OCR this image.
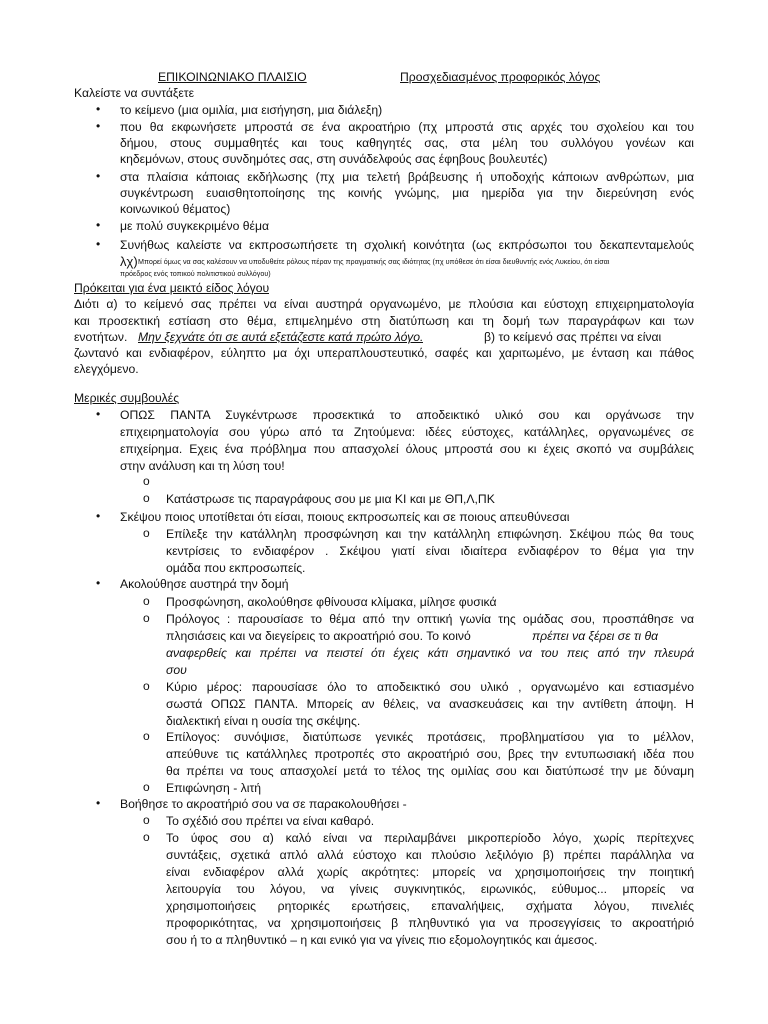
ΕΠΙΚΟΙΝΩΝΙΑΚΟ ΠΛΑΙΣΙΟ	Προσχεδιασμένος προφορικός λόγος
Καλείστε να συντάξετε
• το κείμενο (μια ομιλία, μια εισήγηση, μια διάλεξη)
• που θα εκφωνήσετε μπροστά σε ένα ακροατήριο (πχ μπροστά στις αρχές του σχολείου και του
δήμου, στους συμμαθητές και τους καθηγητές σας, στα μέλη του συλλόγου γονέων και
κηδεμόνων, στους συνδημότες σας, στη συνάδελφούς σας έφηβους βουλευτές)
• στα πλαίσια κάποιας εκδήλωσης (πχ μια τελετή βράβευσης ή υποδοχής κάποιων ανθρώπων, μια
συγκέντρωση ευαισθητοποίησης της κοινής γνώμης, μια ημερίδα για την διερεύνηση ενός
κοινωνικού θέματος)
• με πολύ συγκεκριμένο θέμα
• Συνήθως καλείστε να εκπροσωπήσετε τη σχολική κοινότητα (ως εκπρόσωποι του δεκαπενταμελούς
λχ) Μπορεί όμως να σας καλέσουν να υποδυθείτε ρόλους πέραν της πραγματικής σας ιδιότητας (πχ υπόθεσε ότι είσαι διευθυντής ενός Λυκείου, ότι είσαι
πρόεδρος ενός τοπικού πολιτιστικού συλλόγου)
Πρόκειται για ένα μεικτό είδος λόγου
Διότι α) το κείμενό σας πρέπει να είναι αυστηρά οργανωμένο, με πλούσια και εύστοχη επιχειρηματολογία
και προσεκτική εστίαση στο θέμα, επιμελημένο στη διατύπωση και τη δομή των παραγράφων και των
ενοτήτων. Μην ξεχνάτε ότι σε αυτά εξετάζεστε κατά πρώτο λόγο.	β) το κείμενό σας πρέπει να είναι
ζωντανό και ενδιαφέρον, εύληπτο μα όχι υπεραπλουστευτικό, σαφές και χαριτωμένο, με ένταση και πάθος
ελεγχόμενο.
Μερικές συμβουλές
• ΟΠΩΣ ΠΑΝΤΑ Συγκέντρωσε προσεκτικά το αποδεικτικό υλικό σου και οργάνωσε την
επιχειρηματολογία σου γύρω από τα Ζητούμενα: ιδέες εύστοχες, κατάλληλες, οργανωμένες σε
επιχείρημα. Εχεις ένα πρόβλημα που απασχολεί όλους μπροστά σου κι έχεις σκοπό να συμβάλεις
στην ανάλυση και τη λύση του!
o
o Κατάστρωσε τις παραγράφους σου με μια ΚΙ και με ΘΠ,Λ,ΠΚ
• Σκέψου ποιος υποτίθεται ότι είσαι, ποιους εκπροσωπείς και σε ποιους απευθύνεσαι
o Επίλεξε την κατάλληλη προσφώνηση και την κατάλληλη επιφώνηση. Σκέψου πώς θα τους
κεντρίσεις το ενδιαφέρον . Σκέψου γιατί είναι ιδιαίτερα ενδιαφέρον το θέμα για την
ομάδα που εκπροσωπείς.
• Ακολούθησε αυστηρά την δομή
o Προσφώνηση, ακολούθησε φθίνουσα κλίμακα, μίλησε φυσικά
o Πρόλογος : παρουσίασε το θέμα από την οπτική γωνία της ομάδας σου, προσπάθησε να
πλησιάσεις και να διεγείρεις το ακροατήριό σου. Το κοινό	πρέπει να ξέρει σε τι θα
αναφερθείς και πρέπει να πειστεί ότι έχεις κάτι σημαντικό να του πεις από την πλευρά
σου
o Κύριο μέρος: παρουσίασε όλο το αποδεικτικό σου υλικό , οργανωμένο και εστιασμένο
σωστά ΟΠΩΣ ΠΑΝΤΑ. Μπορείς αν θέλεις, να ανασκευάσεις και την αντίθετη άποψη. Η
διαλεκτική είναι η ουσία της σκέψης.
o Επίλογος: συνόψισε, διατύπωσε γενικές προτάσεις, προβληματίσου για το μέλλον,
απεύθυνε τις κατάλληλες προτροπές στο ακροατήριό σου, βρες την εντυπωσιακή ιδέα που
θα πρέπει να τους απασχολεί μετά το τέλος της ομιλίας σου και διατύπωσέ την με δύναμη
o Επιφώνηση - λιτή
• Βοήθησε το ακροατήριό σου να σε παρακολουθήσει -
o Το σχέδιό σου πρέπει να είναι καθαρό.
o Το ύφος σου α) καλό είναι να περιλαμβάνει μικροπερίοδο λόγο, χωρίς περίτεχνες
συντάξεις, σχετικά απλό αλλά εύστοχο και πλούσιο λεξιλόγιο β) πρέπει παράλληλα να
είναι ενδιαφέρον αλλά χωρίς ακρότητες: μπορείς να χρησιμοποιήσεις την ποιητική
λειτουργία του λόγου, να γίνεις συγκινητικός, ειρωνικός, εύθυμος... μπορείς να
χρησιμοποιήσεις ρητορικές ερωτήσεις, επαναλήψεις, σχήματα λόγου, πινελιές
προφορικότητας, να χρησιμοποιήσεις β πληθυντικό για να προσεγγίσεις το ακροατήριό
σου ή το α πληθυντικό – η και ενικό για να γίνεις πιο εξομολογητικός και άμεσος.
